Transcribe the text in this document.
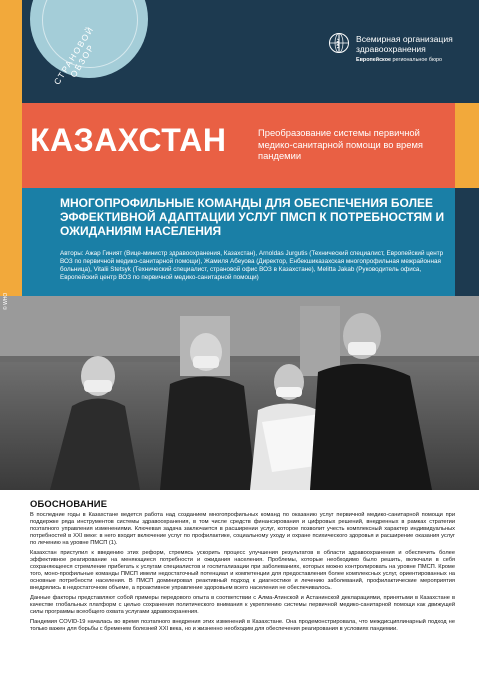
СТРАНОВОЙ ОБЗОР
Всемирная организация здравоохранения
Европейское региональное бюро
КАЗАХСТАН	Преобразование системы первичной медико-санитарной помощи во время пандемии
МНОГОПРОФИЛЬНЫЕ КОМАНДЫ ДЛЯ ОБЕСПЕЧЕНИЯ БОЛЕЕ ЭФФЕКТИВНОЙ АДАПТАЦИИ УСЛУГ ПМСП К ПОТРЕБНОСТЯМ И ОЖИДАНИЯМ НАСЕЛЕНИЯ
Авторы: Ажар Гиният (Вице-министр здравоохранения, Казахстан), Arnoldas Jurgutis (Технический специалист, Европейский центр ВОЗ по первичной медико-санитарной помощи), Жамиля Абеуова (Директор, Енбекшиказахская многопрофильная межрайонная больница), Vitalii Stetsyk (Технический специалист, страновой офис ВОЗ в Казахстане), Melitta Jakab (Руководитель офиса, Европейский центр ВОЗ по первичной медико-санитарной помощи)
© WHO
ОБОСНОВАНИЕ

В последние годы в Казахстане ведется работа над созданием многопрофильных команд по оказанию услуг первичной медико-санитарной помощи при поддержке ряда инструментов системы здравоохранения, в том числе средств финансирования и цифровых решений, внедренных в рамках стратегии поэтапного управления изменениями. Ключевая задача заключается в расширении услуг, которое позволит учесть комплексный характер индивидуальных потребностей в XXI веке: в него входит включение услуг по профилактике, социальному уходу и охране психического здоровья и расширение оказания услуг по лечению на уровне ПМСП (1).

Казахстан приступил к введению этих реформ, стремясь ускорить процесс улучшения результатов в области здравоохранения и обеспечить более эффективное реагирование на меняющиеся потребности и ожидания населения. Проблемы, которые необходимо было решить, включали в себя сохраняющееся стремление прибегать к услугам специалистов и госпитализации при заболеваниях, которых можно контролировать на уровне ПМСП. Кроме того, моно-профильные команды ПМСП имели недостаточный потенциал и компетенции для предоставления более комплексных услуг, ориентированных на основные потребности населения. В ПМСП доминировал реактивный подход к диагностике и лечению заболеваний, профилактические мероприятия внедрялись в недостаточном объеме, а проактивное управление здоровьем всего населения не обеспечивалось.

Данные факторы представляют собой примеры передового опыта в соответствии с Алма-Атинской и Астанинской декларациями, принятыми в Казахстане в качестве глобальных платформ с целью сохранения политического внимания к укреплению системы первичной медико-санитарной помощи как движущей силы программы всеобщего охвата услугами здравоохранения.

Пандемия COVID-19 началась во время поэтапного внедрения этих изменений в Казахстане. Она продемонстрировала, что междисциплинарный подход не только важен для борьбы с бременем болезней XXI века, но и жизненно необходим для обеспечения реагирования в условиях пандемии.
